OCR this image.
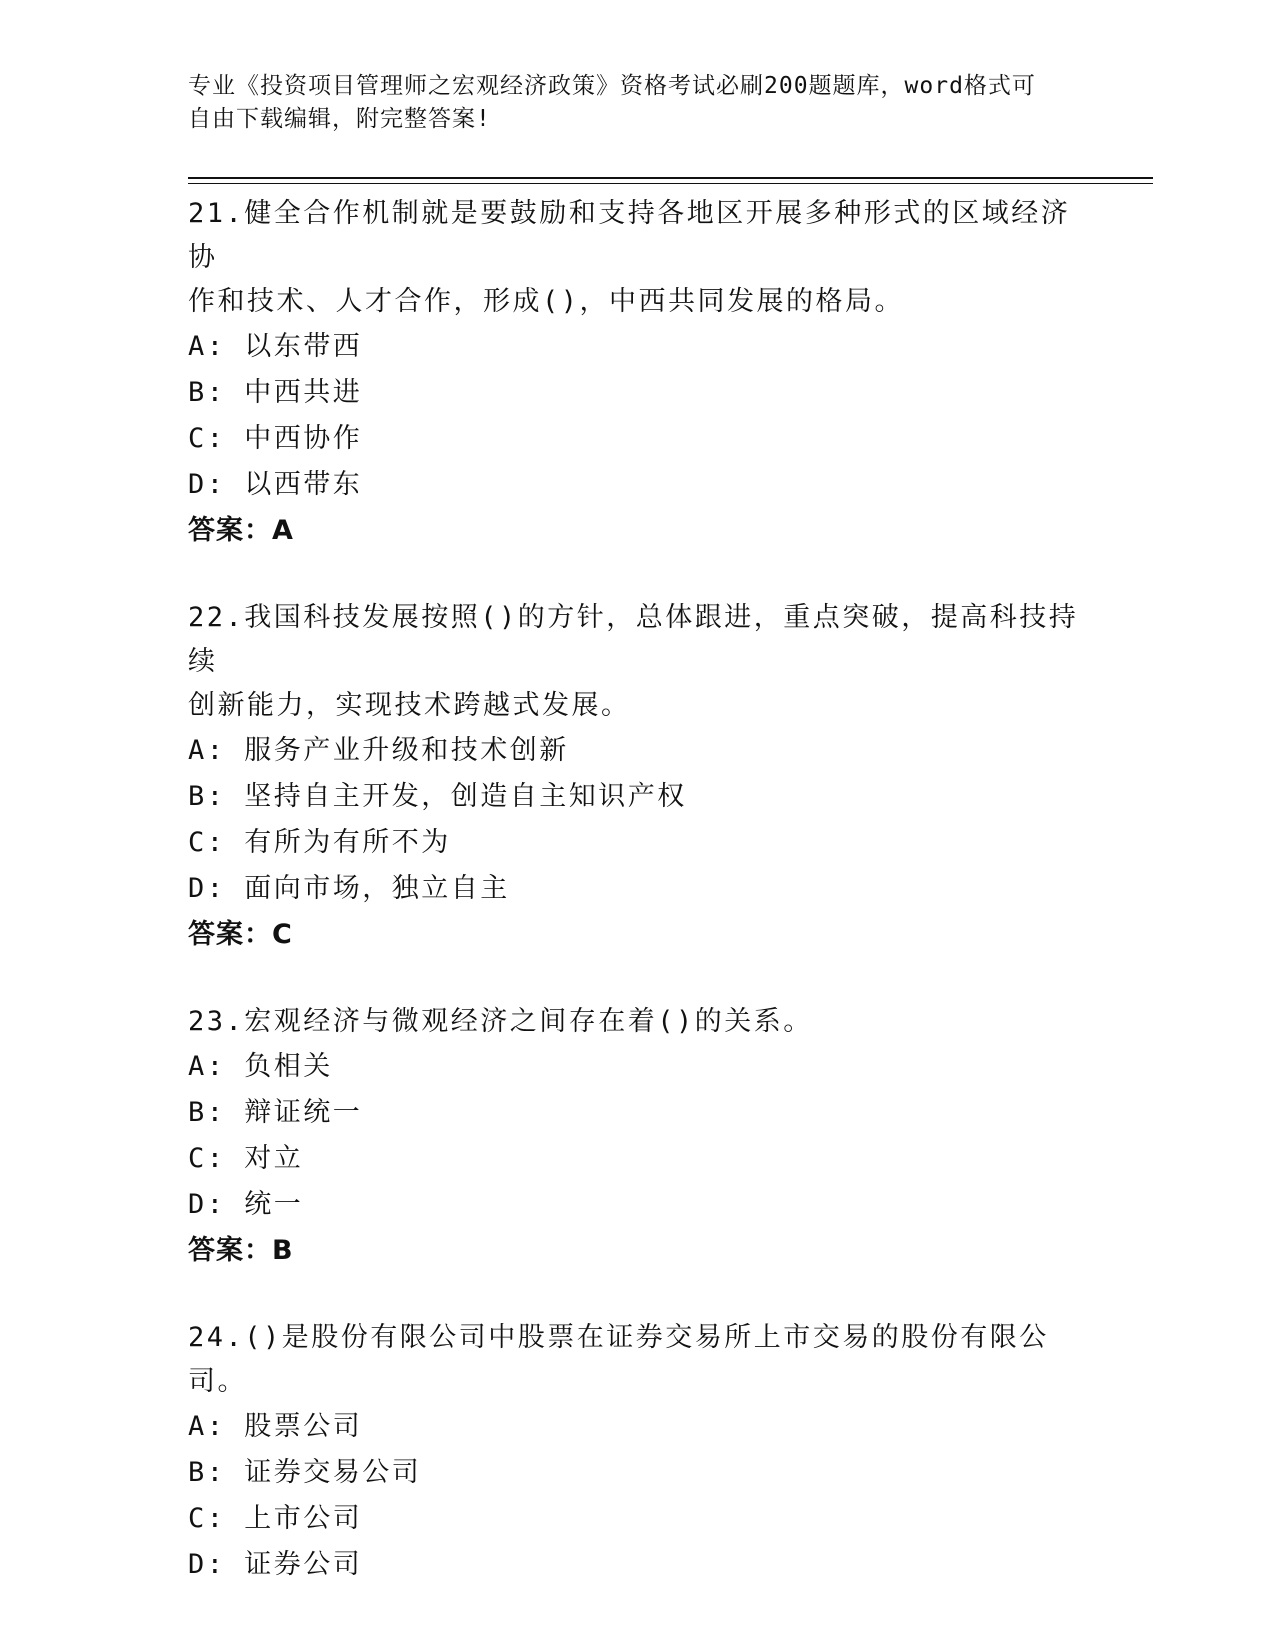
专业《投资项目管理师之宏观经济政策》资格考试必刷200题题库，word格式可
自由下载编辑，附完整答案!
21.健全合作机制就是要鼓励和支持各地区开展多种形式的区域经济协
作和技术、人才合作，形成()，中西共同发展的格局。
A: 以东带西
B: 中西共进
C: 中西协作
D: 以西带东
答案：A
22.我国科技发展按照()的方针，总体跟进，重点突破，提高科技持续
创新能力，实现技术跨越式发展。
A: 服务产业升级和技术创新
B: 坚持自主开发，创造自主知识产权
C: 有所为有所不为
D: 面向市场，独立自主
答案：C
23.宏观经济与微观经济之间存在着()的关系。
A: 负相关
B: 辩证统一
C: 对立
D: 统一
答案：B
24.()是股份有限公司中股票在证券交易所上市交易的股份有限公司。
A: 股票公司
B: 证券交易公司
C: 上市公司
D: 证券公司
